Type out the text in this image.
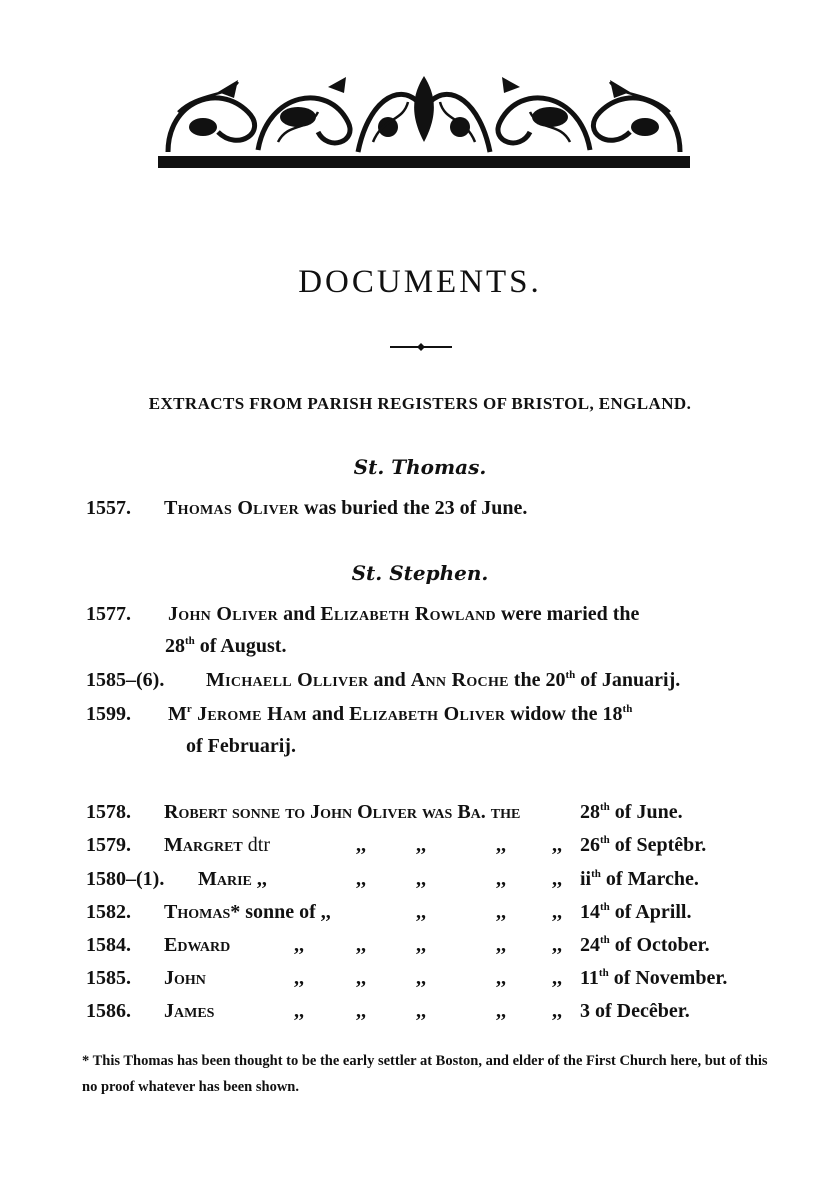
DOCUMENTS.
EXTRACTS FROM PARISH REGISTERS OF BRISTOL, ENGLAND.
St. Thomas.
1557. Thomas Oliver was buried the 23 of June.
St. Stephen.
1577. John Oliver and Elizabeth Rowland were maried the
28th of August.
1585–(6). Michaell Olliver and Ann Roche the 20th of Januarij.
1599. $M^r$ Jerome Ham and Elizabeth Oliver widow the 18th
of Februarij.
1578. Robert sonne to John Oliver was Ba. the	28th of June.
1579. Margret dtr	,,	,,	,, ,, 26th of Septêbr.
1580–(1). Marie ,,	,,	,,	,, ,, $ii^{th}$ of Marche.
1582. Thomas* sonne of ,,	,,	,, ,, 14th of Aprill.
1584. Edward	,,	,,	,,	,, ,, 24th of October.
1585. John	,,	,,	,,	,, ,, 11th of November.
1586. James	,,	,,	,,	,, ,, 3 of Decêber.
* This Thomas has been thought to be the early settler at Boston, and elder of the First Church here, but of this no proof whatever has been shown.
